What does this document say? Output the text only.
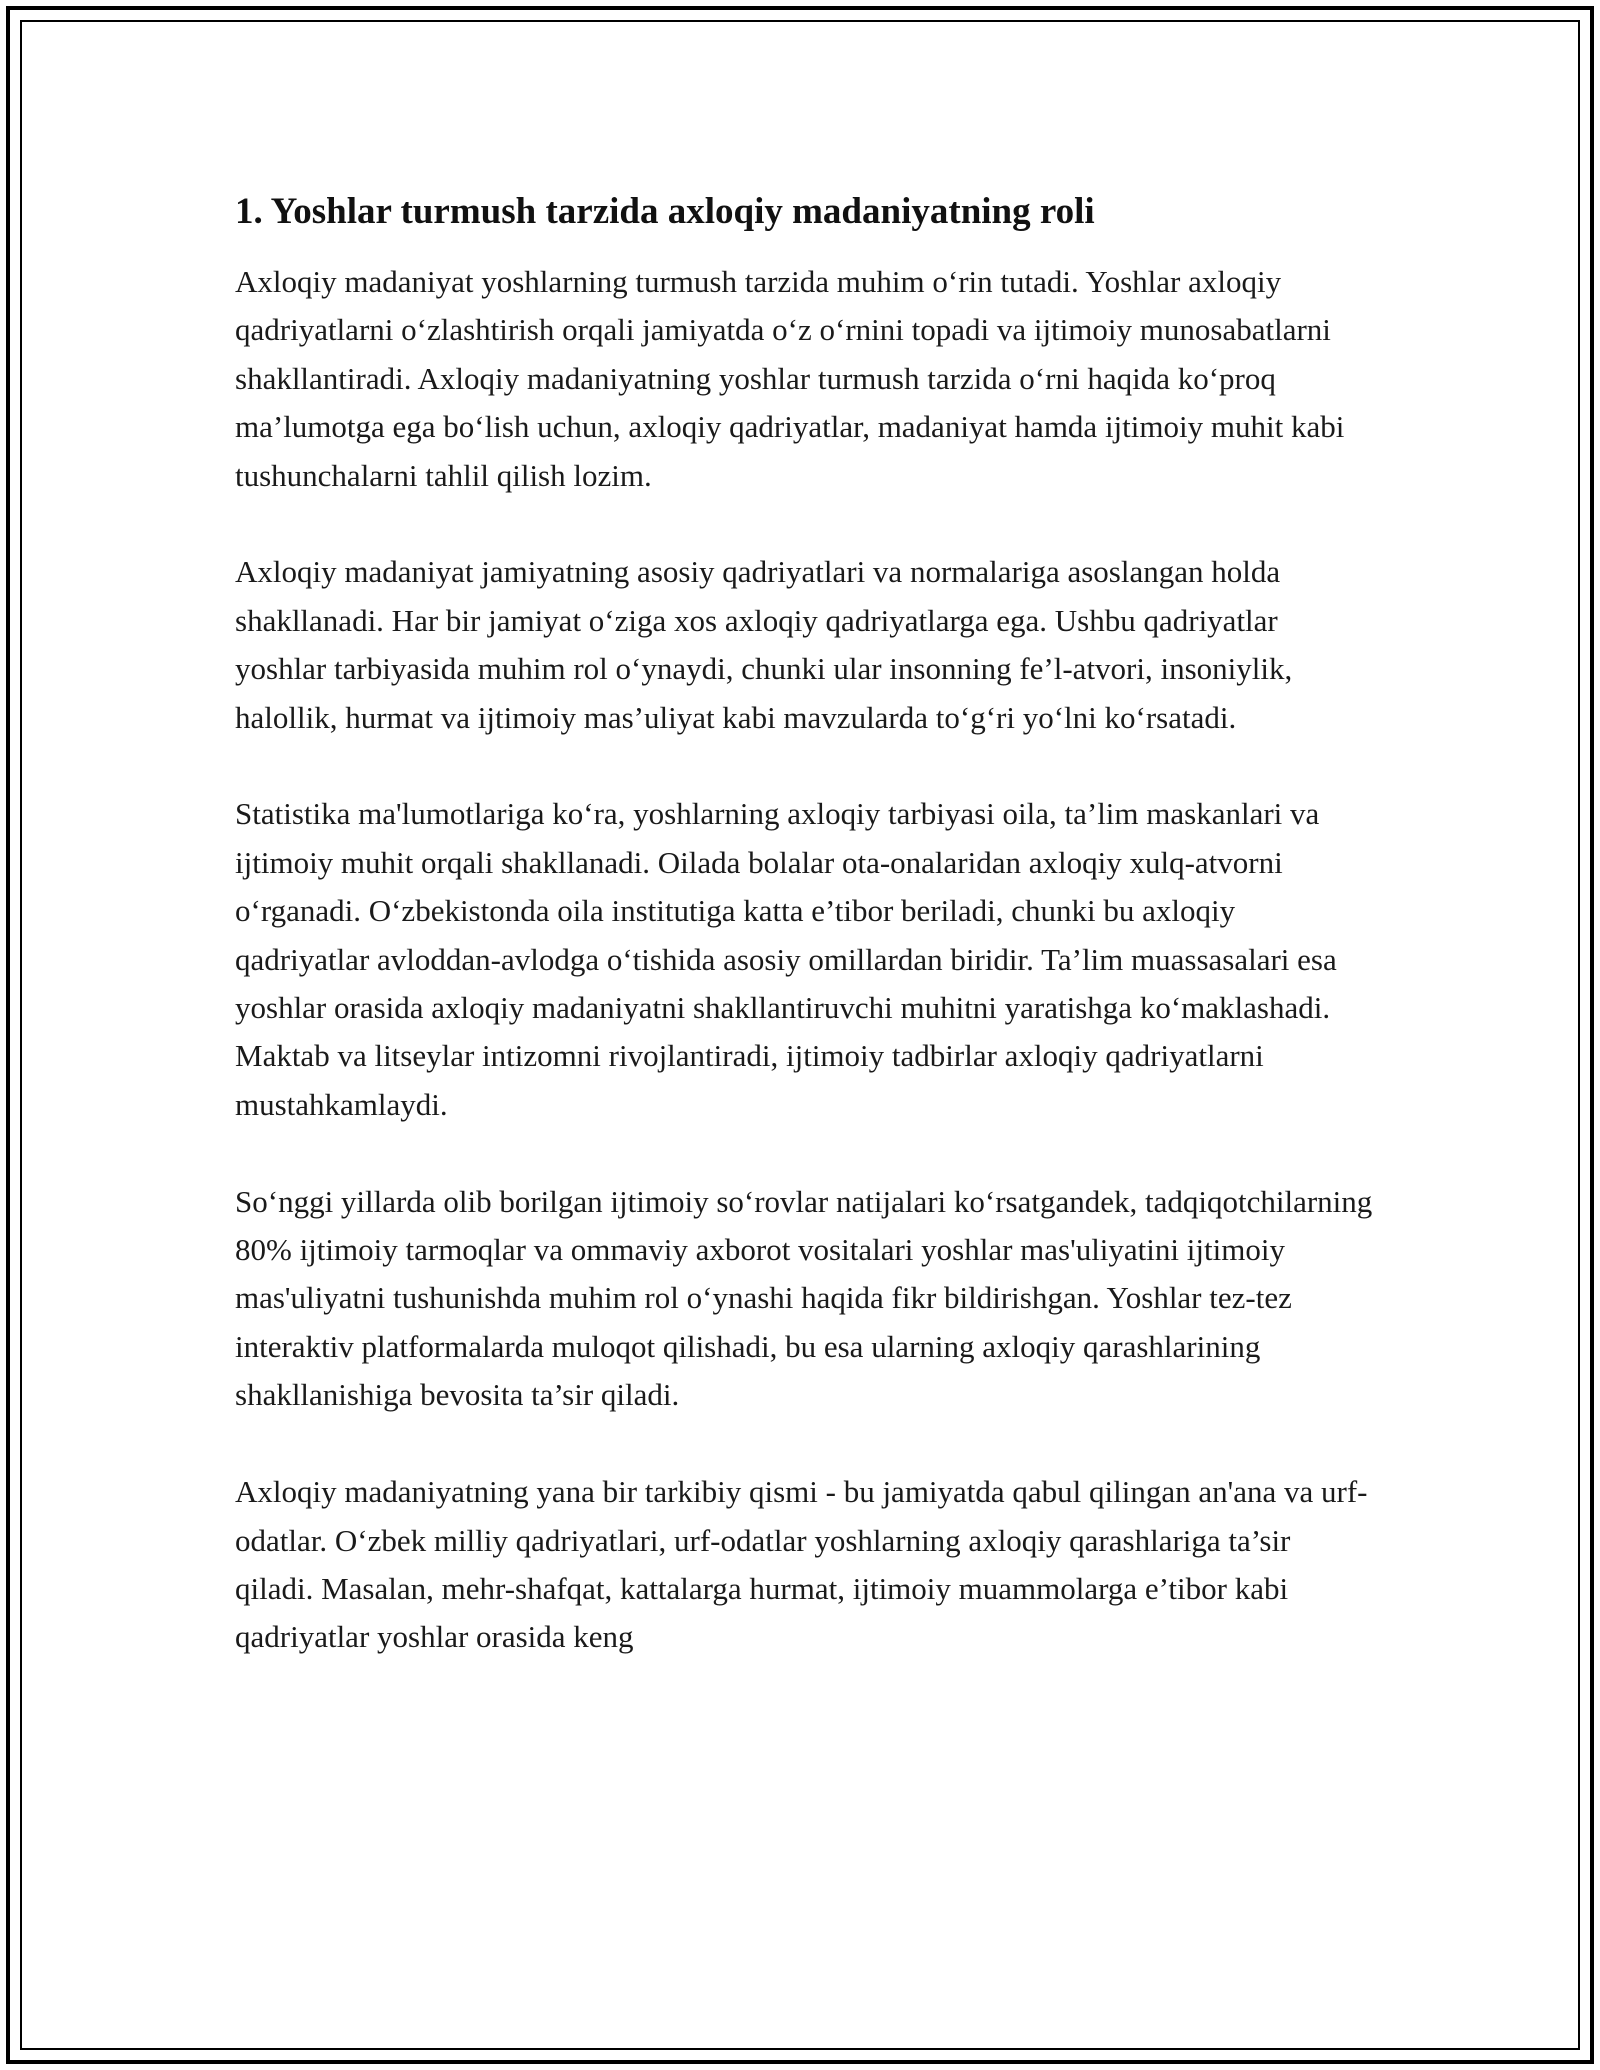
1. Yoshlar turmush tarzida axloqiy madaniyatning roli

Axloqiy madaniyat yoshlarning turmush tarzida muhim o‘rin tutadi. Yoshlar axloqiy qadriyatlarni o‘zlashtirish orqali jamiyatda o‘z o‘rnini topadi va ijtimoiy munosabatlarni shakllantiradi. Axloqiy madaniyatning yoshlar turmush tarzida o‘rni haqida ko‘proq ma’lumotga ega bo‘lish uchun, axloqiy qadriyatlar, madaniyat hamda ijtimoiy muhit kabi tushunchalarni tahlil qilish lozim.

Axloqiy madaniyat jamiyatning asosiy qadriyatlari va normalariga asoslangan holda shakllanadi. Har bir jamiyat o‘ziga xos axloqiy qadriyatlarga ega. Ushbu qadriyatlar yoshlar tarbiyasida muhim rol o‘ynaydi, chunki ular insonning fe’l-atvori, insoniylik, halollik, hurmat va ijtimoiy mas’uliyat kabi mavzularda to‘g‘ri yo‘lni ko‘rsatadi.

Statistika ma'lumotlariga ko‘ra, yoshlarning axloqiy tarbiyasi oila, ta’lim maskanlari va ijtimoiy muhit orqali shakllanadi. Oilada bolalar ota-onalaridan axloqiy xulq-atvorni o‘rganadi. O‘zbekistonda oila institutiga katta e’tibor beriladi, chunki bu axloqiy qadriyatlar avloddan-avlodga o‘tishida asosiy omillardan biridir. Ta’lim muassasalari esa yoshlar orasida axloqiy madaniyatni shakllantiruvchi muhitni yaratishga ko‘maklashadi. Maktab va litseylar intizomni rivojlantiradi, ijtimoiy tadbirlar axloqiy qadriyatlarni mustahkamlaydi.

So‘nggi yillarda olib borilgan ijtimoiy so‘rovlar natijalari ko‘rsatgandek, tadqiqotchilarning 80% ijtimoiy tarmoqlar va ommaviy axborot vositalari yoshlar mas'uliyatini ijtimoiy mas'uliyatni tushunishda muhim rol o‘ynashi haqida fikr bildirishgan. Yoshlar tez-tez interaktiv platformalarda muloqot qilishadi, bu esa ularning axloqiy qarashlarining shakllanishiga bevosita ta’sir qiladi.

Axloqiy madaniyatning yana bir tarkibiy qismi - bu jamiyatda qabul qilingan an'ana va urf-odatlar. O‘zbek milliy qadriyatlari, urf-odatlar yoshlarning axloqiy qarashlariga ta’sir qiladi. Masalan, mehr-shafqat, kattalarga hurmat, ijtimoiy muammolarga e’tibor kabi qadriyatlar yoshlar orasida keng
